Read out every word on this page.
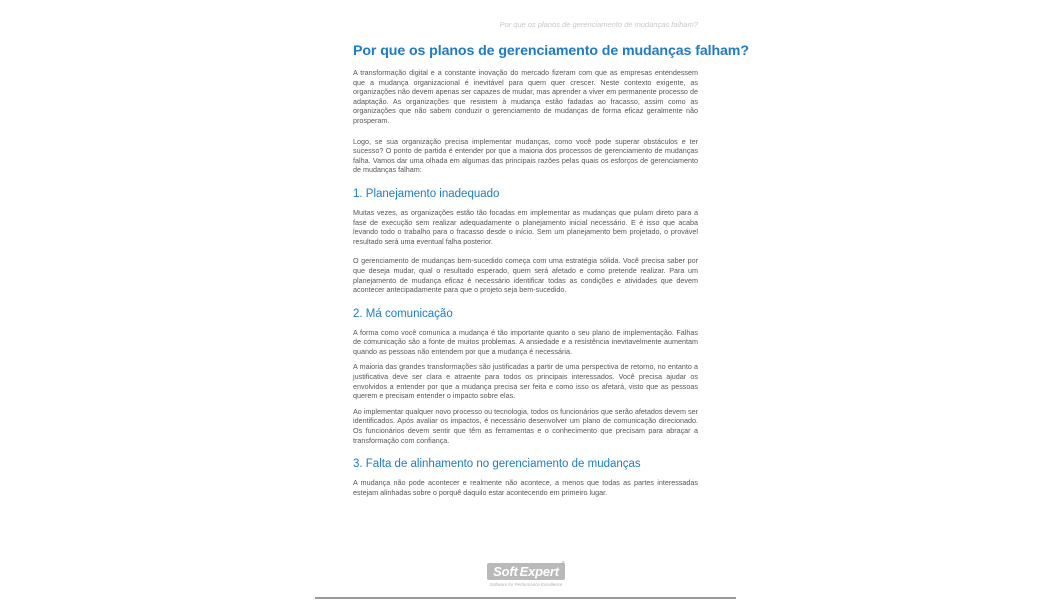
Por que os planos de gerenciamento de mudanças falham?
Por que os planos de gerenciamento de mudanças falham?

A transformação digital e a constante inovação do mercado fizeram com que as empresas entendessem que a mudança organizacional é inevitável para quem quer crescer. Neste contexto exigente, as organizações não devem apenas ser capazes de mudar, mas aprender a viver em permanente processo de adaptação. As organizações que resistem à mudança estão fadadas ao fracasso, assim como as organizações que não sabem conduzir o gerenciamento de mudanças de forma eficaz geralmente não prosperam.

Logo, se sua organização precisa implementar mudanças, como você pode superar obstáculos e ter sucesso? O ponto de partida é entender por que a maioria dos processos de gerenciamento de mudanças falha. Vamos dar uma olhada em algumas das principais razões pelas quais os esforços de gerenciamento de mudanças falham:

1. Planejamento inadequado

Muitas vezes, as organizações estão tão focadas em implementar as mudanças que pulam direto para a fase de execução sem realizar adequadamente o planejamento inicial necessário. E é isso que acaba levando todo o trabalho para o fracasso desde o início. Sem um planejamento bem projetado, o provável resultado será uma eventual falha posterior.

O gerenciamento de mudanças bem-sucedido começa com uma estratégia sólida. Você precisa saber por que deseja mudar, qual o resultado esperado, quem será afetado e como pretende realizar. Para um planejamento de mudança eficaz é necessário identificar todas as condições e atividades que devem acontecer antecipadamente para que o projeto seja bem-sucedido.

2. Má comunicação

A forma como você comunica a mudança é tão importante quanto o seu plano de implementação. Falhas de comunicação são a fonte de muitos problemas. A ansiedade e a resistência inevitavelmente aumentam quando as pessoas não entendem por que a mudança é necessária.

A maioria das grandes transformações são justificadas a partir de uma perspectiva de retorno, no entanto a justificativa deve ser clara e atraente para todos os principais interessados. Você precisa ajudar os envolvidos a entender por que a mudança precisa ser feita e como isso os afetará, visto que as pessoas querem e precisam entender o impacto sobre elas.

Ao implementar qualquer novo processo ou tecnologia, todos os funcionários que serão afetados devem ser identificados. Após avaliar os impactos, é necessário desenvolver um plano de comunicação direcionado. Os funcionários devem sentir que têm as ferramentas e o conhecimento que precisam para abraçar a transformação com confiança.

3. Falta de alinhamento no gerenciamento de mudanças

A mudança não pode acontecer e realmente não acontece, a menos que todas as partes interessadas estejam alinhadas sobre o porquê daquilo estar acontecendo em primeiro lugar.

Soft Expert ®
Software for Performance Excellence
